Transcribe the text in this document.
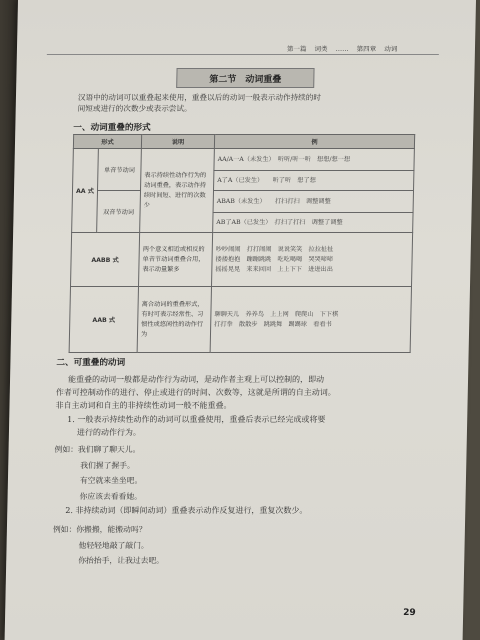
第一篇 词类 …… 第四章 动词
第二节　动词重叠
汉语中的动词可以重叠起来使用，重叠以后的动词一般表示动作持续的时
间短或进行的次数少或表示尝试。
一、动词重叠的形式
形式		说明	例
AA 式	单音节动词	表示持续性动作行为的动词重叠，表示动作持续时间短、进行的次数少	AA/A一A（未发生）　听听/听一听　想想/想一想
			A了A（已发生）　　听了听　想了想
	双音节动词		ABAB（未发生）　　打扫打扫　调整调整
			AB了AB（已发生）　打扫了打扫　调整了调整
AABB 式		两个意义相近或相反的单音节动词重叠合用，表示动量繁多	吵吵闹闹　打打闹闹　说说笑笑　拉拉扯扯
搂搂抱抱　蹦蹦跳跳　吃吃喝喝　哭哭啼啼
摇摇晃晃　来来回回　上上下下　进进出出

AAB 式		离合动词的重叠形式，有时可表示经常性、习惯性或悠闲性的动作行为	聊聊天儿　养养鸟　上上网　爬爬山　下下棋
打打拳　散散步　跳跳舞　踢踢球　看看书
二、可重叠的动词
能重叠的动词一般都是动作行为动词，是动作者主观上可以控制的，即动
作者可控制动作的进行、停止或进行的时间、次数等，这就是所谓的自主动词。
非自主动词和自主的非持续性动词一般不能重叠。
1. 一般表示持续性动作的动词可以重叠使用，重叠后表示已经完成或将要
进行的动作行为。
例如：我们聊了聊天儿。
我们握了握手。
有空就来坐坐吧。
你应该去看看她。
2. 非持续动词（即瞬间动词）重叠表示动作反复进行，重复次数少。
例如：你搬搬，能搬动吗？
他轻轻地敲了敲门。
你抬抬手，让我过去吧。
29
